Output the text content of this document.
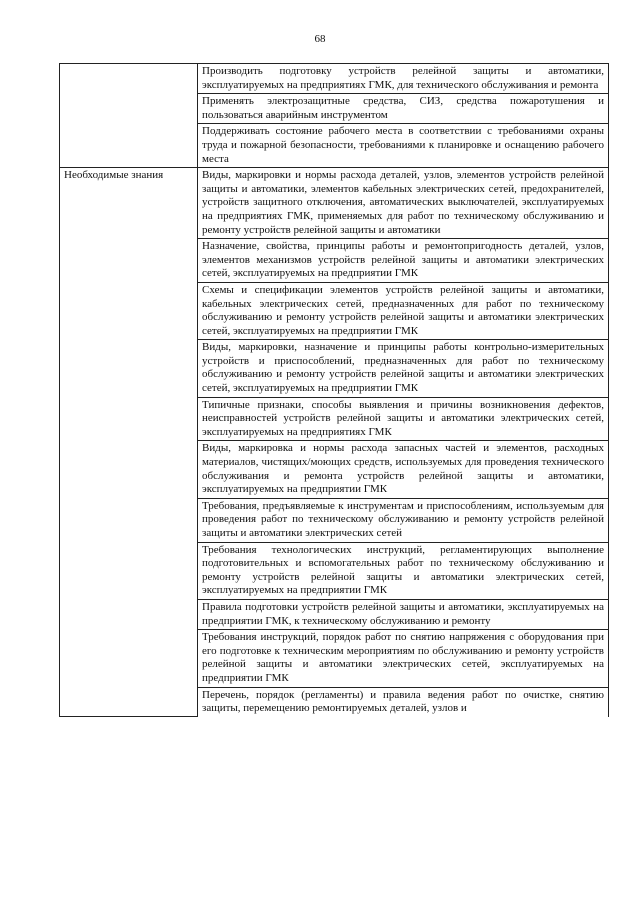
68
	Производить подготовку устройств релейной защиты и автоматики, эксплуатируемых на предприятиях ГМК, для технического обслуживания и ремонта
	Применять электрозащитные средства, СИЗ, средства пожаротушения и пользоваться аварийным инструментом
	Поддерживать состояние рабочего места в соответствии с требованиями охраны труда и пожарной безопасности, требованиями к планировке и оснащению рабочего места
Необходимые знания	Виды, маркировки и нормы расхода деталей, узлов, элементов устройств релейной защиты и автоматики, элементов кабельных электрических сетей, предохранителей, устройств защитного отключения, автоматических выключателей, эксплуатируемых на предприятиях ГМК, применяемых для работ по техническому обслуживанию и ремонту устройств релейной защиты и автоматики
	Назначение, свойства, принципы работы и ремонтопригодность деталей, узлов, элементов механизмов устройств релейной защиты и автоматики электрических сетей, эксплуатируемых на предприятии ГМК
	Схемы и спецификации элементов устройств релейной защиты и автоматики, кабельных электрических сетей, предназначенных для работ по техническому обслуживанию и ремонту устройств релейной защиты и автоматики электрических сетей, эксплуатируемых на предприятии ГМК
	Виды, маркировки, назначение и принципы работы контрольно-измерительных устройств и приспособлений, предназначенных для работ по техническому обслуживанию и ремонту устройств релейной защиты и автоматики электрических сетей, эксплуатируемых на предприятии ГМК
	Типичные признаки, способы выявления и причины возникновения дефектов, неисправностей устройств релейной защиты и автоматики электрических сетей, эксплуатируемых на предприятиях ГМК
	Виды, маркировка и нормы расхода запасных частей и элементов, расходных материалов, чистящих/моющих средств, используемых для проведения технического обслуживания и ремонта устройств релейной защиты и автоматики, эксплуатируемых на предприятии ГМК
	Требования, предъявляемые к инструментам и приспособлениям, используемым для проведения работ по техническому обслуживанию и ремонту устройств релейной защиты и автоматики электрических сетей
	Требования технологических инструкций, регламентирующих выполнение подготовительных и вспомогательных работ по техническому обслуживанию и ремонту устройств релейной защиты и автоматики электрических сетей, эксплуатируемых на предприятии ГМК
	Правила подготовки устройств релейной защиты и автоматики, эксплуатируемых на предприятии ГМК, к техническому обслуживанию и ремонту
	Требования инструкций, порядок работ по снятию напряжения с оборудования при его подготовке к техническим мероприятиям по обслуживанию и ремонту устройств релейной защиты и автоматики электрических сетей, эксплуатируемых на предприятии ГМК
	Перечень, порядок (регламенты) и правила ведения работ по очистке, снятию защиты, перемещению ремонтируемых деталей, узлов и
